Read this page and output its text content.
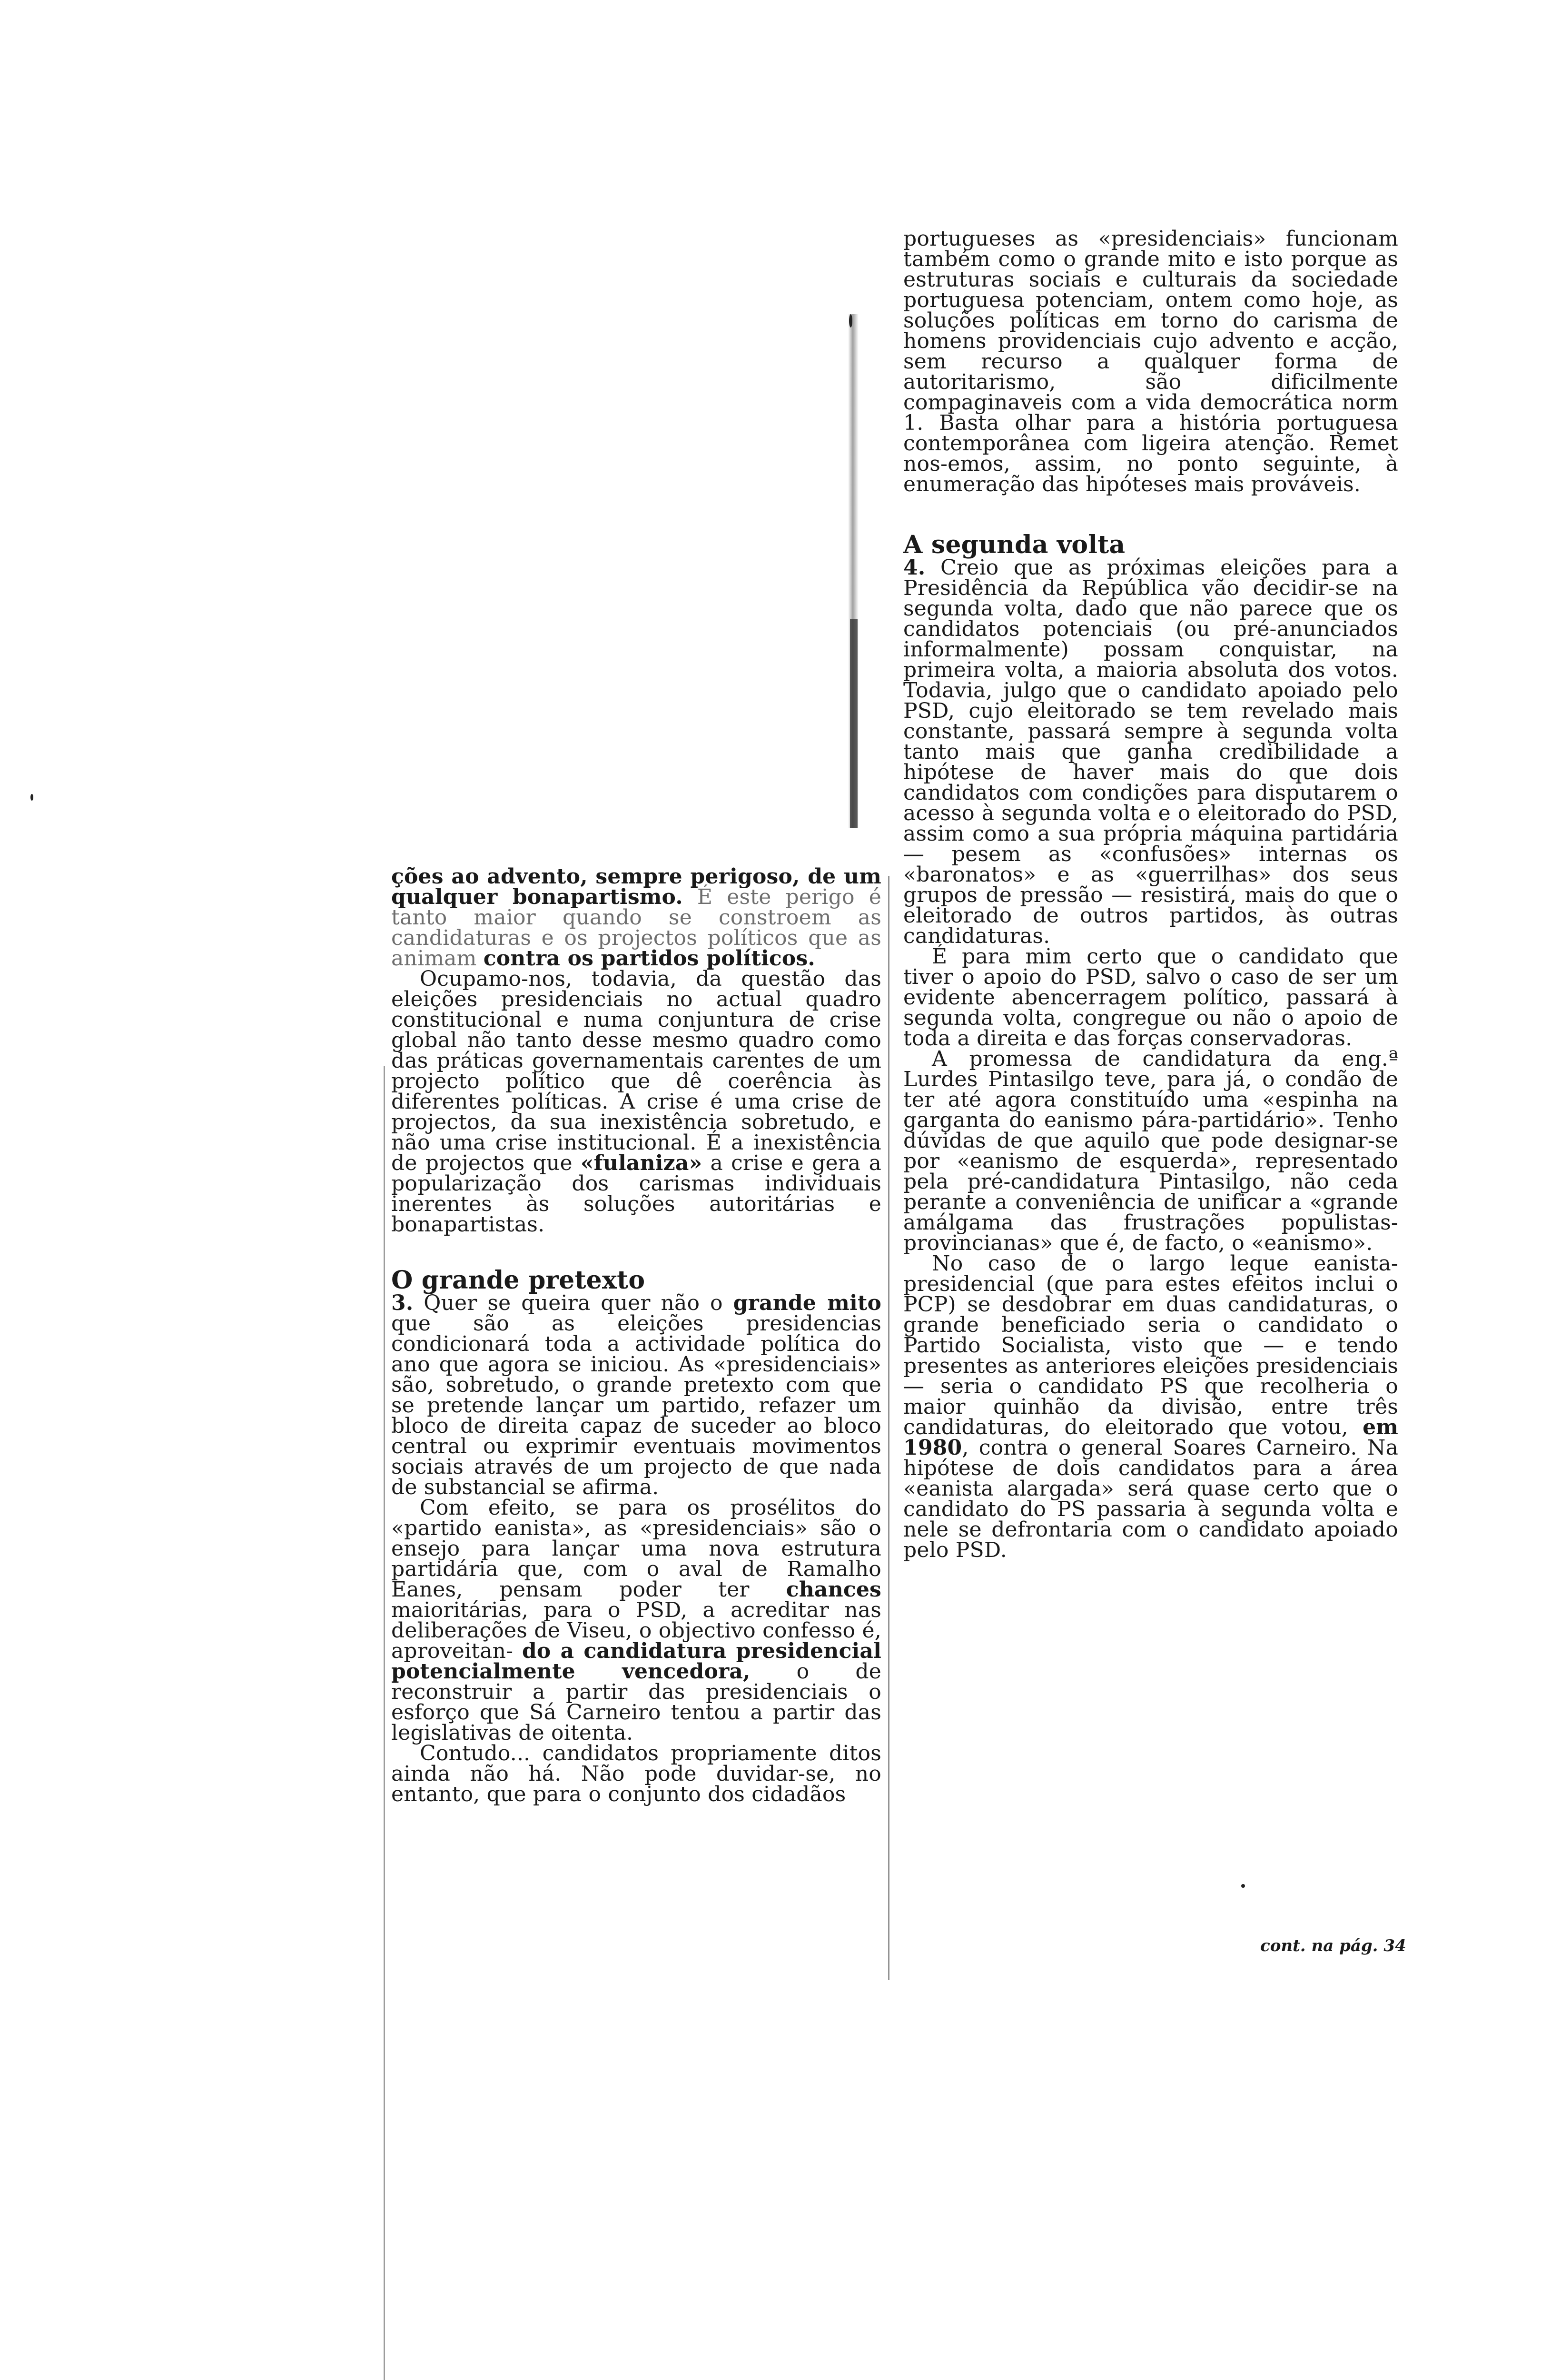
portugueses as «presidenciais» funcionam também como o grande mito e isto porque as estruturas sociais e culturais da sociedade portuguesa potenciam, ontem como hoje, as soluções políticas em torno do carisma de homens providenciais cujo advento e acção, sem recurso a qualquer forma de autoritarismo, são dificilmente compaginaveis com a vida democrática norm 1. Basta olhar para a história portuguesa contemporânea com ligeira atenção. Remet nos-emos, assim, no ponto seguinte, à enumeração das hipóteses mais prováveis.

A segunda volta

4. Creio que as próximas eleições para a Presidência da República vão decidir-se na segunda volta, dado que não parece que os candidatos potenciais (ou pré-anunciados informalmente) possam conquistar, na primeira volta, a maioria absoluta dos votos. Todavia, julgo que o candidato apoiado pelo PSD, cujo eleitorado se tem revelado mais constante, passará sempre à segunda volta tanto mais que ganha credibilidade a hipótese de haver mais do que dois candidatos com condições para disputarem o acesso à segunda volta e o eleitorado do PSD, assim como a sua própria máquina partidária — pesem as «confusões» internas os «baronatos» e as «guerrilhas» dos seus grupos de pressão — resistirá, mais do que o eleitorado de outros partidos, às outras candidaturas.

É para mim certo que o candidato que tiver o apoio do PSD, salvo o caso de ser um evidente abencerragem político, passará à segunda volta, congregue ou não o apoio de toda a direita e das forças conservadoras.

A promessa de candidatura da eng.ª Lurdes Pintasilgo teve, para já, o condão de ter até agora constituído uma «espinha na garganta do eanismo pára-partidário». Tenho dúvidas de que aquilo que pode designar-se por «eanismo de esquerda», representado pela pré-candidatura Pintasilgo, não ceda perante a conveniência de unificar a «grande amálgama das frustrações populistas-provincianas» que é, de facto, o «eanismo».

No caso de o largo leque eanista-presidencial (que para estes efeitos inclui o PCP) se desdobrar em duas candidaturas, o grande beneficiado seria o candidato o Partido Socialista, visto que — e tendo presentes as anteriores eleições presidenciais — seria o candidato PS que recolheria o maior quinhão da divisão, entre três candidaturas, do eleitorado que votou, em 1980, contra o general Soares Carneiro. Na hipótese de dois candidatos para a área «eanista alargada» será quase certo que o candidato do PS passaria à segunda volta e nele se defrontaria com o candidato apoiado pelo PSD.

ções ao advento, sempre perigoso, de um qualquer bonapartismo. É este perigo é tanto maior quando se constroem as candidaturas e os projectos políticos que as animam contra os partidos políticos.

Ocupamo-nos, todavia, da questão das eleições presidenciais no actual quadro constitucional e numa conjuntura de crise global não tanto desse mesmo quadro como das práticas governamentais carentes de um projecto político que dê coerência às diferentes políticas. A crise é uma crise de projectos, da sua inexistência sobretudo, e não uma crise institucional. É a inexistência de projectos que «fulaniza» a crise e gera a popularização dos carismas individuais inerentes às soluções autoritárias e bonapartistas.

O grande pretexto

3. Quer se queira quer não o grande mito que são as eleições presidencias condicionará toda a actividade política do ano que agora se iniciou. As «presidenciais» são, sobretudo, o grande pretexto com que se pretende lançar um partido, refazer um bloco de direita capaz de suceder ao bloco central ou exprimir eventuais movimentos sociais através de um projecto de que nada de substancial se afirma.

Com efeito, se para os prosélitos do «partido eanista», as «presidenciais» são o ensejo para lançar uma nova estrutura partidária que, com o aval de Ramalho Eanes, pensam poder ter chances maioritárias, para o PSD, a acreditar nas deliberações de Viseu, o objectivo confesso é, aproveitan- do a candidatura presidencial potencialmente vencedora, o de reconstruir a partir das presidenciais o esforço que Sá Carneiro tentou a partir das legislativas de oitenta.

Contudo... candidatos propriamente ditos ainda não há. Não pode duvidar-se, no entanto, que para o conjunto dos cidadãos

cont. na pág. 34
